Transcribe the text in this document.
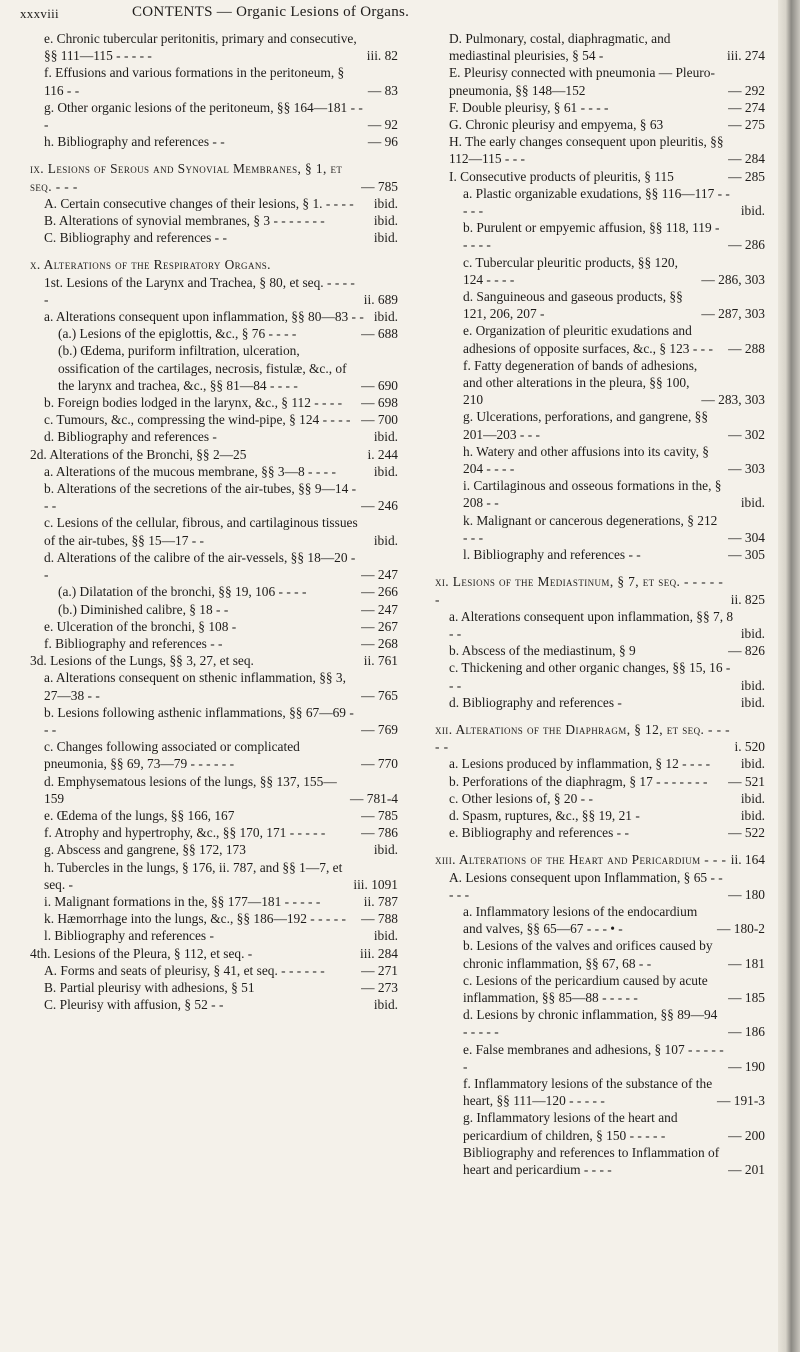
xxxviii	CONTENTS — Organic Lesions of Organs.
e. Chronic tubercular peritonitis, primary and consecutive, §§ 111—115 - - - - -	iii. 82
f. Effusions and various formations in the peritoneum, § 116 - -	— 83
g. Other organic lesions of the peritoneum, §§ 164—181 - - -	— 92
h. Bibliography and references - -	— 96
ix. Lesions of Serous and Synovial Membranes, § 1, et seq. - - -	— 785
A. Certain consecutive changes of their lesions, § 1. - - - -	ibid.
B. Alterations of synovial membranes, § 3 - - - - - - -	ibid.
C. Bibliography and references - -	ibid.
x. Alterations of the Respiratory Organs.
1st. Lesions of the Larynx and Trachea, § 80, et seq. - - - - -	ii. 689
a. Alterations consequent upon inflammation, §§ 80—83 - - ibid.
(a.) Lesions of the epiglottis, &c., § 76 - - - -	— 688
(b.) Œdema, puriform infiltration, ulceration, ossification of the cartilages, necrosis, fistulæ, &c., of the larynx and trachea, &c., §§ 81—84 - - - -	— 690
b. Foreign bodies lodged in the larynx, &c., § 112 - - - -	— 698
c. Tumours, &c., compressing the wind-pipe, § 124 - - - - — 700
d. Bibliography and references -	ibid.
2d. Alterations of the Bronchi, §§ 2—25	i. 244
a. Alterations of the mucous membrane, §§ 3—8 - - - -	ibid.
b. Alterations of the secretions of the air-tubes, §§ 9—14 - - -	— 246
c. Lesions of the cellular, fibrous, and cartilaginous tissues of the air-tubes, §§ 15—17 - -	ibid.
d. Alterations of the calibre of the air-vessels, §§ 18—20 - -	— 247
(a.) Dilatation of the bronchi, §§ 19, 106 - - - -	— 266
(b.) Diminished calibre, § 18 - -	— 247
e. Ulceration of the bronchi, § 108 -	— 267
f. Bibliography and references - -	— 268
3d. Lesions of the Lungs, §§ 3, 27, et seq.	ii. 761
a. Alterations consequent on sthenic inflammation, §§ 3, 27—38 - -	— 765
b. Lesions following asthenic inflammations, §§ 67—69 - - -	— 769
c. Changes following associated or complicated pneumonia, §§ 69, 73—79 - - - - - -	— 770
d. Emphysematous lesions of the lungs, §§ 137, 155—159	— 781-4
e. Œdema of the lungs, §§ 166, 167	— 785
f. Atrophy and hypertrophy, &c., §§ 170, 171 - - - - -	— 786
g. Abscess and gangrene, §§ 172, 173	ibid.
h. Tubercles in the lungs, § 176, ii. 787, and §§ 1—7, et seq. -	iii. 1091
i. Malignant formations in the, §§ 177—181 - - - - -	ii. 787
k. Hæmorrhage into the lungs, &c., §§ 186—192 - - - - -	— 788
l. Bibliography and references -	ibid.
4th. Lesions of the Pleura, § 112, et seq. -	iii. 284
A. Forms and seats of pleurisy, § 41, et seq. - - - - - -	— 271
B. Partial pleurisy with adhesions, § 51	— 273
C. Pleurisy with affusion, § 52 - -	ibid.
D. Pulmonary, costal, diaphragmatic, and mediastinal pleurisies, § 54 -	iii. 274
E. Pleurisy connected with pneumonia — Pleuro-pneumonia, §§ 148—152	— 292
F. Double pleurisy, § 61 - - - -	— 274
G. Chronic pleurisy and empyema, § 63	— 275
H. The early changes consequent upon pleuritis, §§ 112—115 - - -	— 284
I. Consecutive products of pleuritis, § 115	— 285
a. Plastic organizable exudations, §§ 116—117 - - - - -	ibid.
b. Purulent or empyemic affusion, §§ 118, 119 - - - - -	— 286
c. Tubercular pleuritic products, §§ 120, 124 - - - -	— 286, 303
d. Sanguineous and gaseous products, §§ 121, 206, 207 -	— 287, 303
e. Organization of pleuritic exudations and adhesions of opposite surfaces, &c., § 123 - - -	— 288
f. Fatty degeneration of bands of adhesions, and other alterations in the pleura, §§ 100, 210	— 283, 303
g. Ulcerations, perforations, and gangrene, §§ 201—203 - - -	— 302
h. Watery and other affusions into its cavity, § 204 - - - -	— 303
i. Cartilaginous and osseous formations in the, § 208 - -	ibid.
k. Malignant or cancerous degenerations, § 212 - - -	— 304
l. Bibliography and references - -	— 305
xi. Lesions of the Mediastinum, § 7, et seq. - - - - - -	ii. 825
a. Alterations consequent upon inflammation, §§ 7, 8 - -	ibid.
b. Abscess of the mediastinum, § 9	— 826
c. Thickening and other organic changes, §§ 15, 16 - - -	ibid.
d. Bibliography and references -	ibid.
xii. Alterations of the Diaphragm, § 12, et seq. - - - - -	i. 520
a. Lesions produced by inflammation, § 12 - - - -	ibid.
b. Perforations of the diaphragm, § 17 - - - - - - -	— 521
c. Other lesions of, § 20 - -	ibid.
d. Spasm, ruptures, &c., §§ 19, 21 -	ibid.
e. Bibliography and references - -	— 522
xiii. Alterations of the Heart and Pericardium - - - ii. 164
A. Lesions consequent upon Inflammation, § 65 - - - - -	— 180
a. Inflammatory lesions of the endocardium and valves, §§ 65—67 - - - • -	— 180-2
b. Lesions of the valves and orifices caused by chronic inflammation, §§ 67, 68 - -	— 181
c. Lesions of the pericardium caused by acute inflammation, §§ 85—88 - - - - -	— 185
d. Lesions by chronic inflammation, §§ 89—94 - - - - -	— 186
e. False membranes and adhesions, § 107 - - - - - -	— 190
f. Inflammatory lesions of the substance of the heart, §§ 111—120 - - - - -	— 191-3
g. Inflammatory lesions of the heart and pericardium of children, § 150 - - - - -	— 200
Bibliography and references to Inflammation of heart and pericardium - - - -	— 201
